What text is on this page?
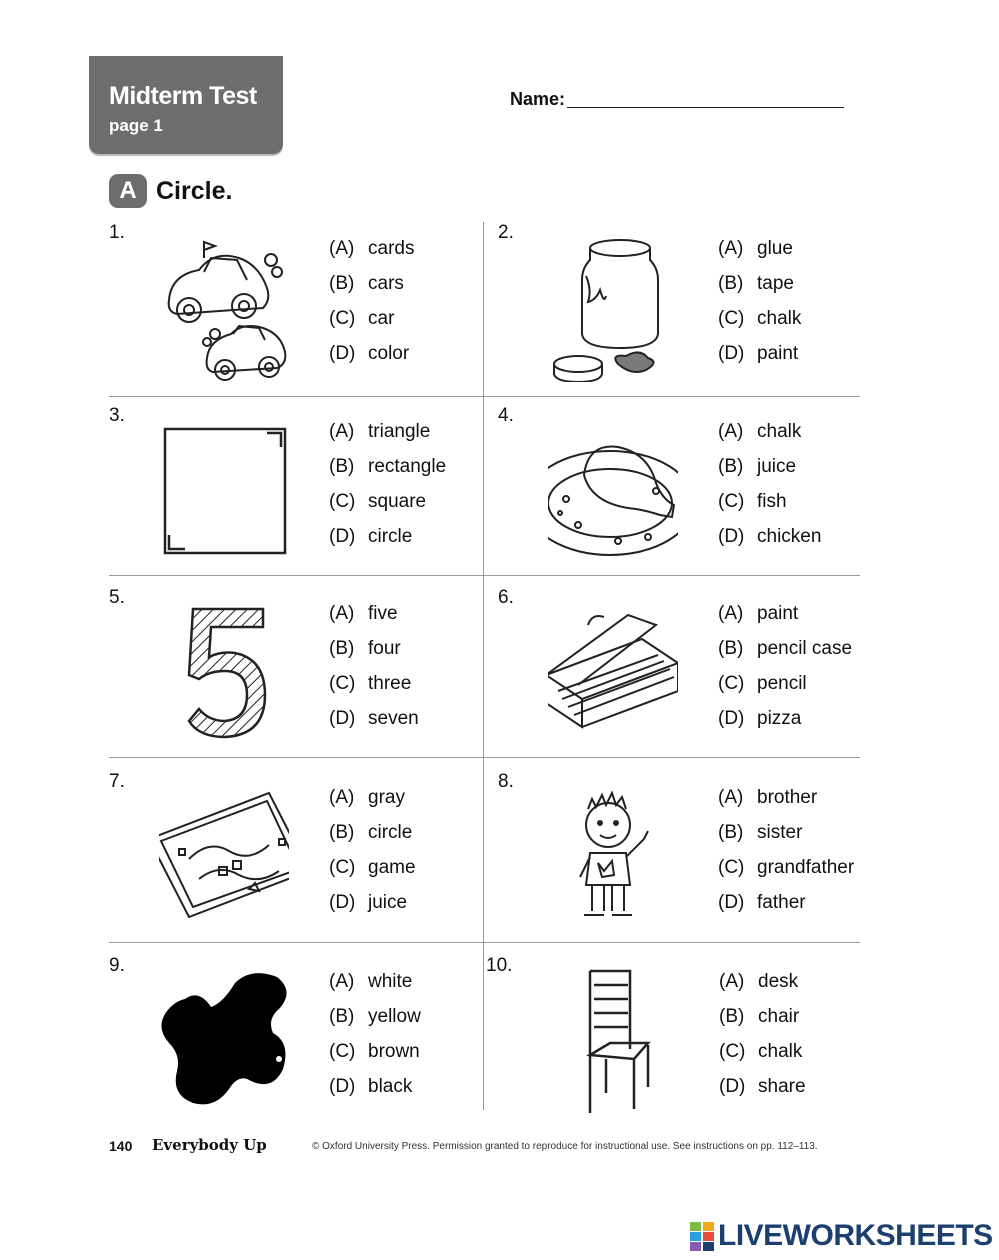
Midterm Test
page 1
Name:
A Circle.
1.
(A) cards
(B) cars
(C) car
(D) color
2.
(A) glue
(B) tape
(C) chalk
(D) paint
3.
(A) triangle
(B) rectangle
(C) square
(D) circle
4.
(A) chalk
(B) juice
(C) fish
(D) chicken
5.
(A) five
(B) four
(C) three
(D) seven
6.
(A) paint
(B) pencil case
(C) pencil
(D) pizza
7.
(A) gray
(B) circle
(C) game
(D) juice
8.
(A) brother
(B) sister
(C) grandfather
(D) father
9.
(A) white
(B) yellow
(C) brown
(D) black
10.
(A) desk
(B) chair
(C) chalk
(D) share
140 Everybody Up	© Oxford University Press. Permission granted to reproduce for instructional use. See instructions on pp. 112–113.
LIVEWORKSHEETS
